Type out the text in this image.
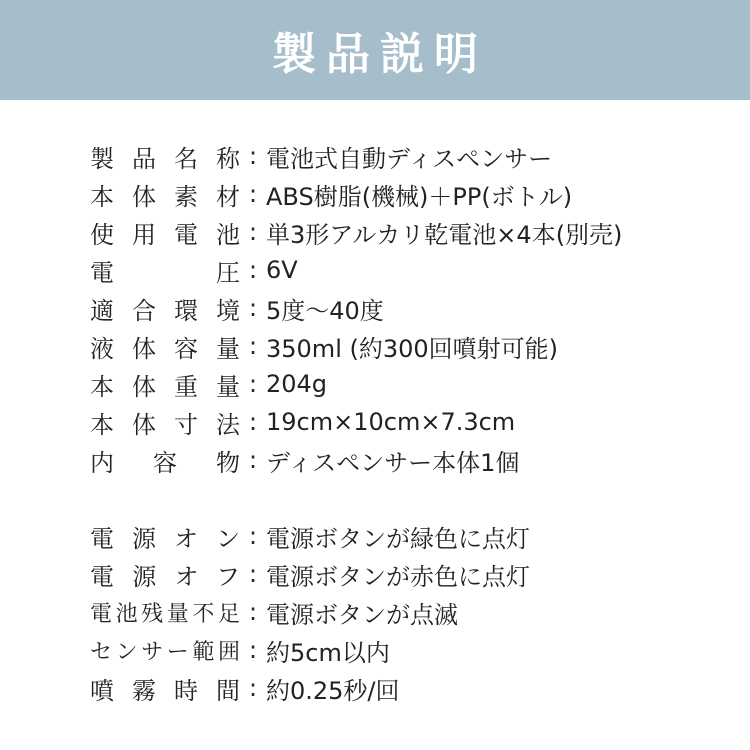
製品説明
製品名称 : 電池式自動ディスペンサー
本体素材 : ABS樹脂(機械)＋PP(ボトル)
使用電池 : 単3形アルカリ乾電池×4本(別売)
電圧 : 6V
適合環境 : 5度～40度
液体容量 : 350ml (約300回噴射可能)
本体重量 : 204g
本体寸法 : 19cm×10cm×7.3cm
内容物 : ディスペンサー本体1個
電源オン : 電源ボタンが緑色に点灯
電源オフ : 電源ボタンが赤色に点灯
電池残量不足 : 電源ボタンが点滅
センサー範囲 : 約5cm以内
噴霧時間 : 約0.25秒/回
